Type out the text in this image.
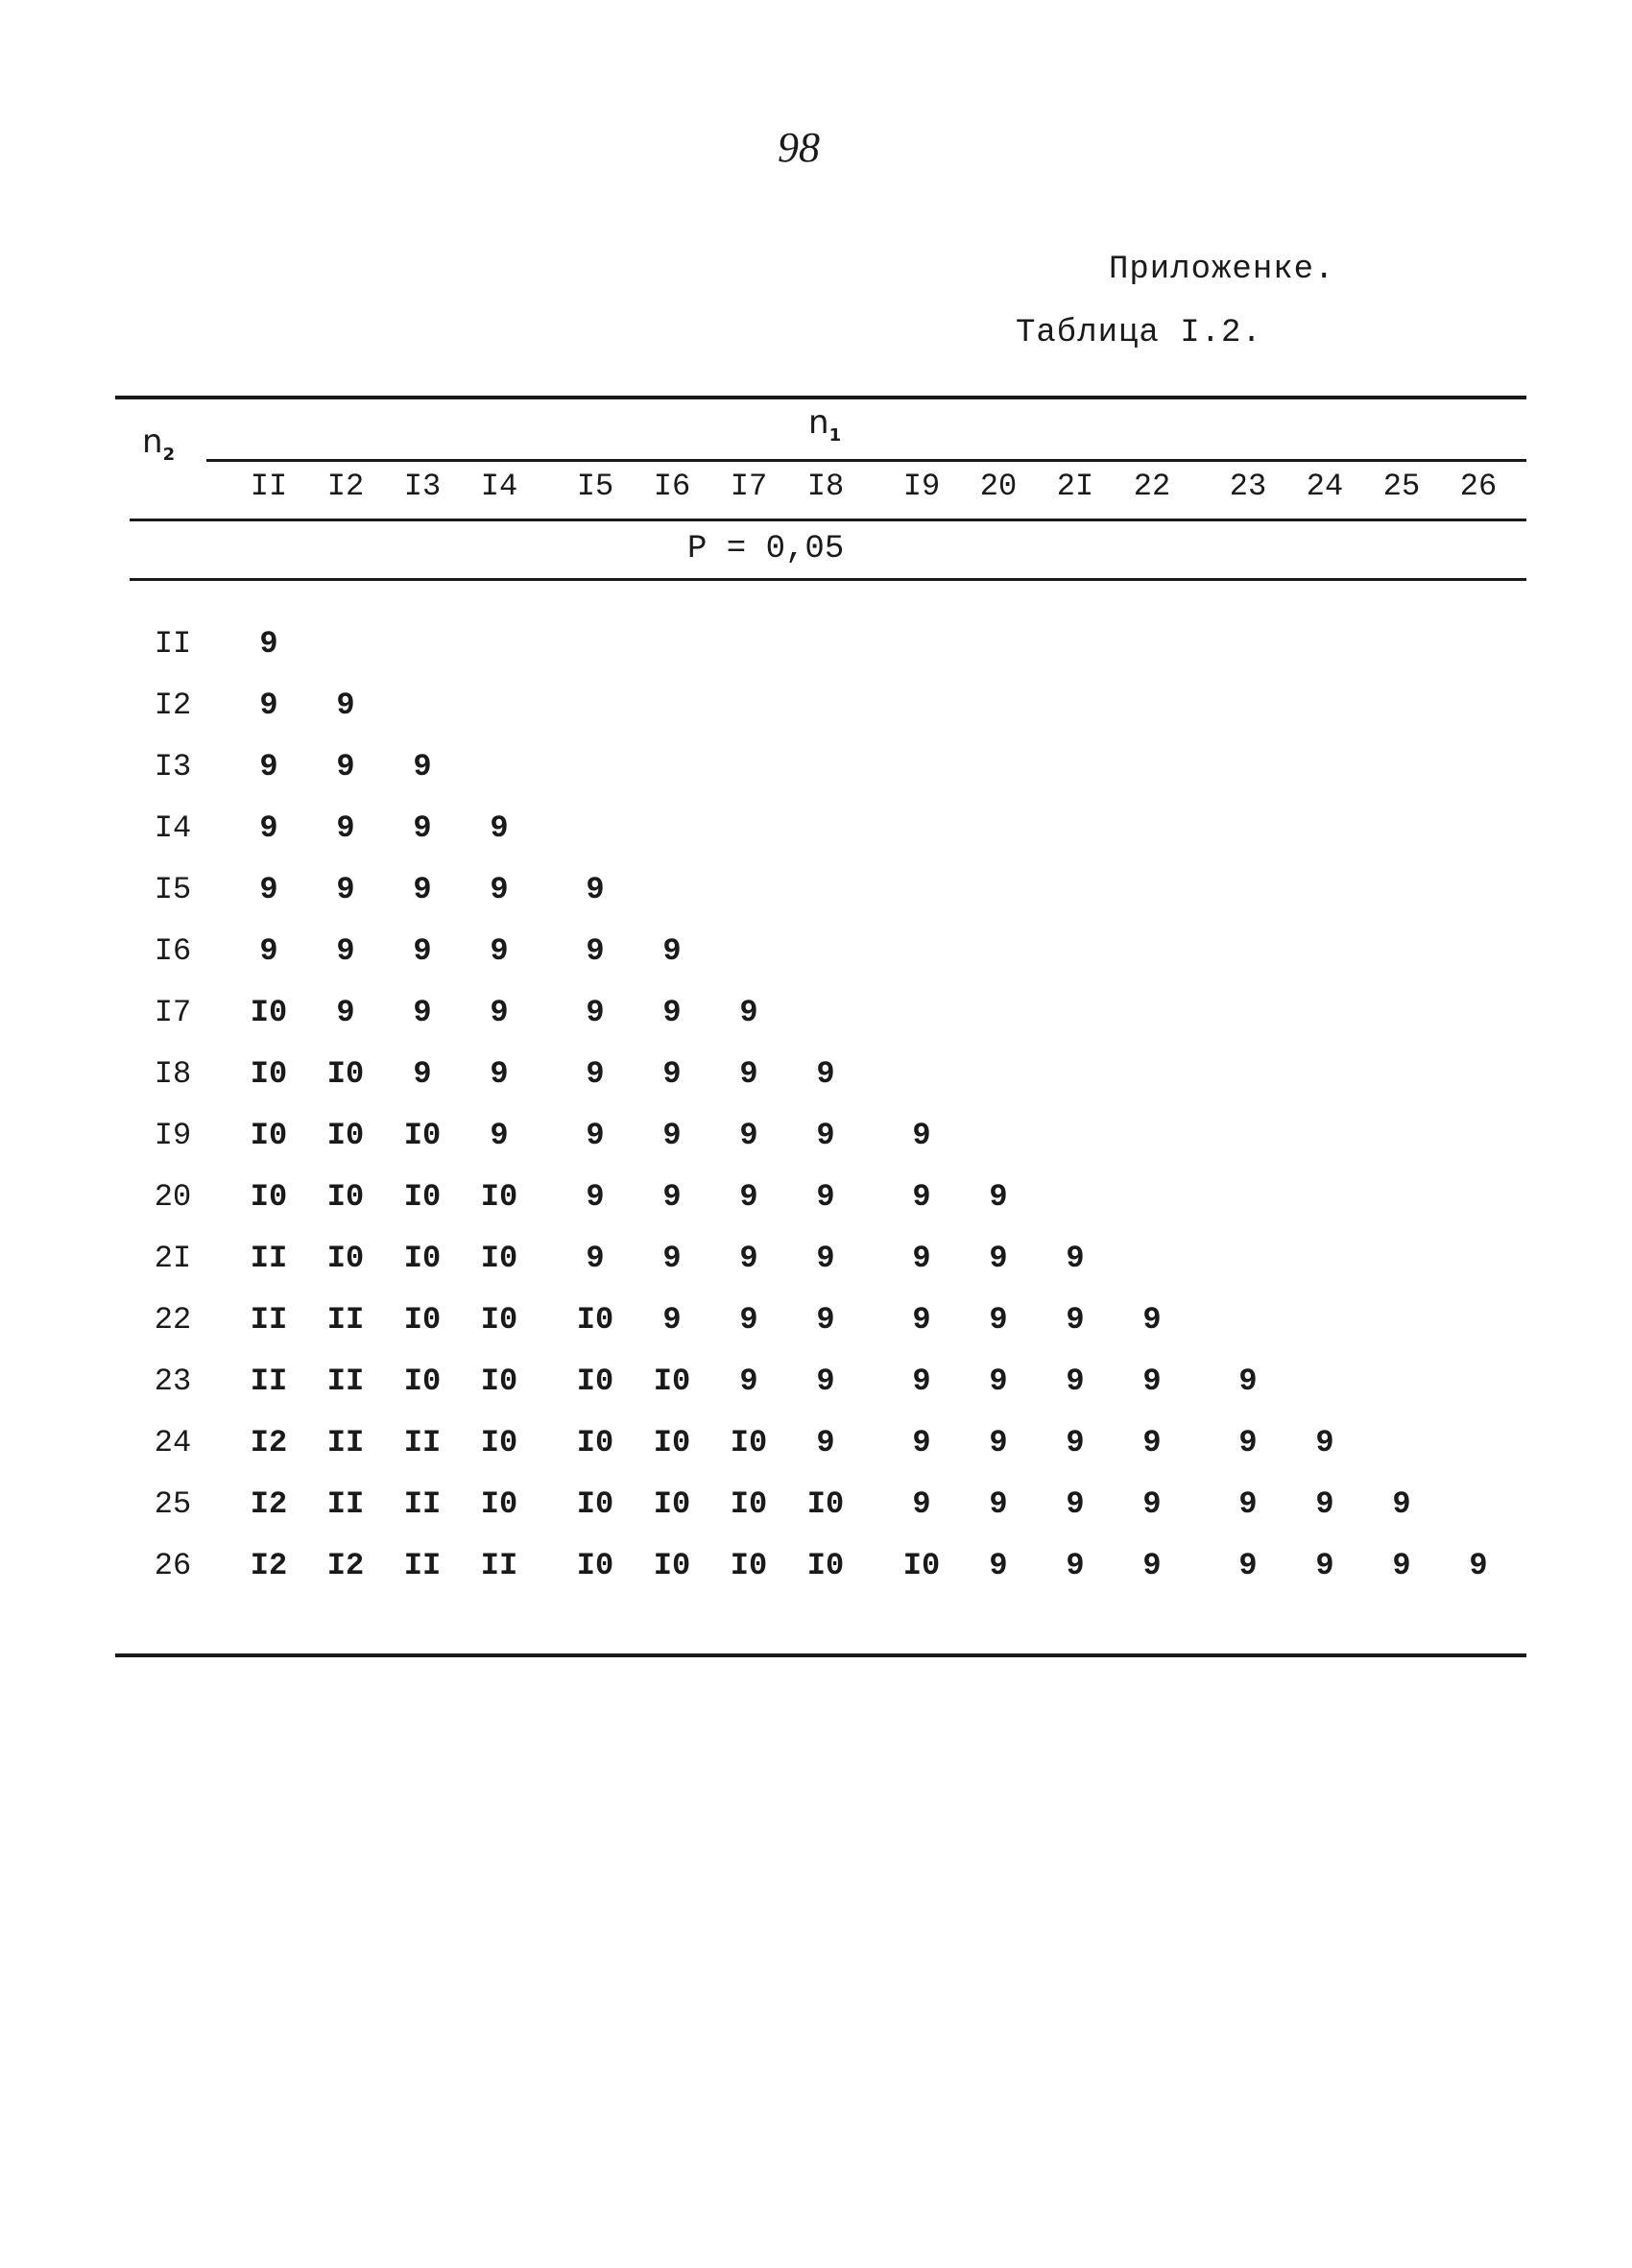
98
Приложенке.
Таблица I.2.
$n_2$
$n_1$
II	I2	I3	I4	I5	I6	I7	I8	I9	20	2I	22	23	24	25	26
P = 0,05
II	9
I2	9	9
I3	9	9	9
I4	9	9	9	9
I5	9	9	9	9	9
I6	9	9	9	9	9	9
I7	I0	9	9	9	9	9	9
I8	I0	I0	9	9	9	9	9	9
I9	I0	I0	I0	9	9	9	9	9	9
20	I0	I0	I0	I0	9	9	9	9	9	9
2I	II	I0	I0	I0	9	9	9	9	9	9	9
22	II	II	I0	I0	I0	9	9	9	9	9	9	9
23	II	II	I0	I0	I0	I0	9	9	9	9	9	9	9
24	I2	II	II	I0	I0	I0	I0	9	9	9	9	9	9	9
25	I2	II	II	I0	I0	I0	I0	I0	9	9	9	9	9	9	9
26	I2	I2	II	II	I0	I0	I0	I0	I0	9	9	9	9	9	9	9
